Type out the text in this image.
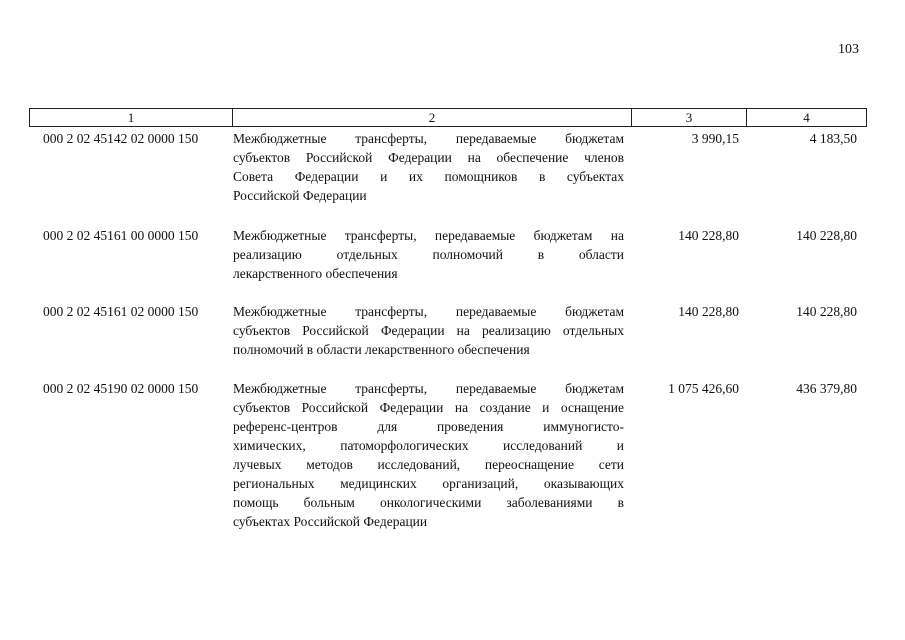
103
1	2	3	4
000 2 02 45142 02 0000 150	Межбюджетные трансферты, передаваемые бюджетам
субъектов Российской Федерации на обеспечение членов
Совета Федерации и их помощников в субъектах
Российской Федерации
3 990,15	4 183,50
000 2 02 45161 00 0000 150	Межбюджетные трансферты, передаваемые бюджетам на
реализацию отдельных полномочий в области
лекарственного обеспечения
140 228,80	140 228,80
000 2 02 45161 02 0000 150	Межбюджетные трансферты, передаваемые бюджетам
субъектов Российской Федерации на реализацию отдельных
полномочий в области лекарственного обеспечения
140 228,80	140 228,80
000 2 02 45190 02 0000 150	Межбюджетные трансферты, передаваемые бюджетам
субъектов Российской Федерации на создание и оснащение
референс-центров для проведения иммуногисто-
химических, патоморфологических исследований и
лучевых методов исследований, переоснащение сети
региональных медицинских организаций, оказывающих
помощь больным онкологическими заболеваниями в
субъектах Российской Федерации
1 075 426,60	436 379,80
